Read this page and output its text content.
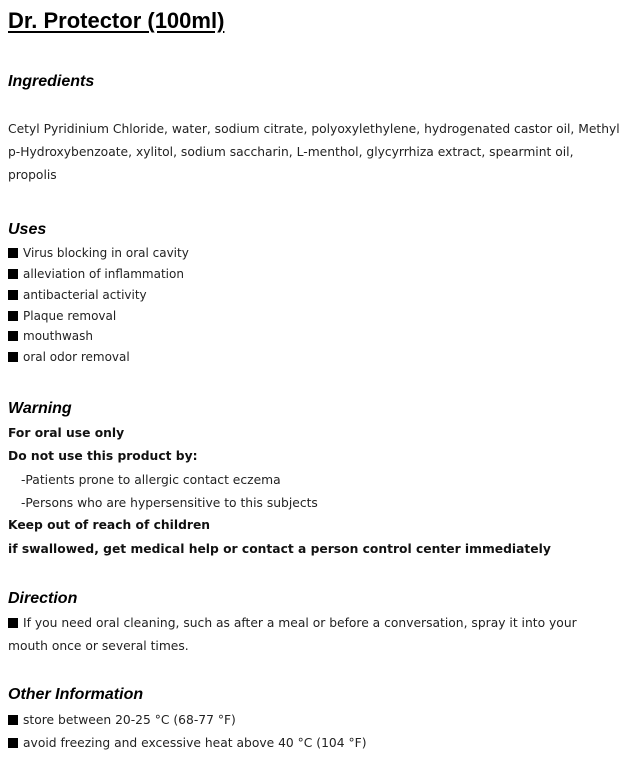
Dr. Protector (100ml)
Ingredients
Cetyl Pyridinium Chloride, water, sodium citrate, polyoxylethylene, hydrogenated castor oil, Methyl
p-Hydroxybenzoate, xylitol, sodium saccharin, L-menthol, glycyrrhiza extract, spearmint oil,
propolis
Uses
Virus blocking in oral cavity
alleviation of inflammation
antibacterial activity
Plaque removal
mouthwash
oral odor removal
Warning
For oral use only
Do not use this product by:
-Patients prone to allergic contact eczema
-Persons who are hypersensitive to this subjects
Keep out of reach of children
if swallowed, get medical help or contact a person control center immediately
Direction
If you need oral cleaning, such as after a meal or before a conversation, spray it into your
mouth once or several times.
Other Information
store between 20-25 °C (68-77 °F)
avoid freezing and excessive heat above 40 °C (104 °F)
